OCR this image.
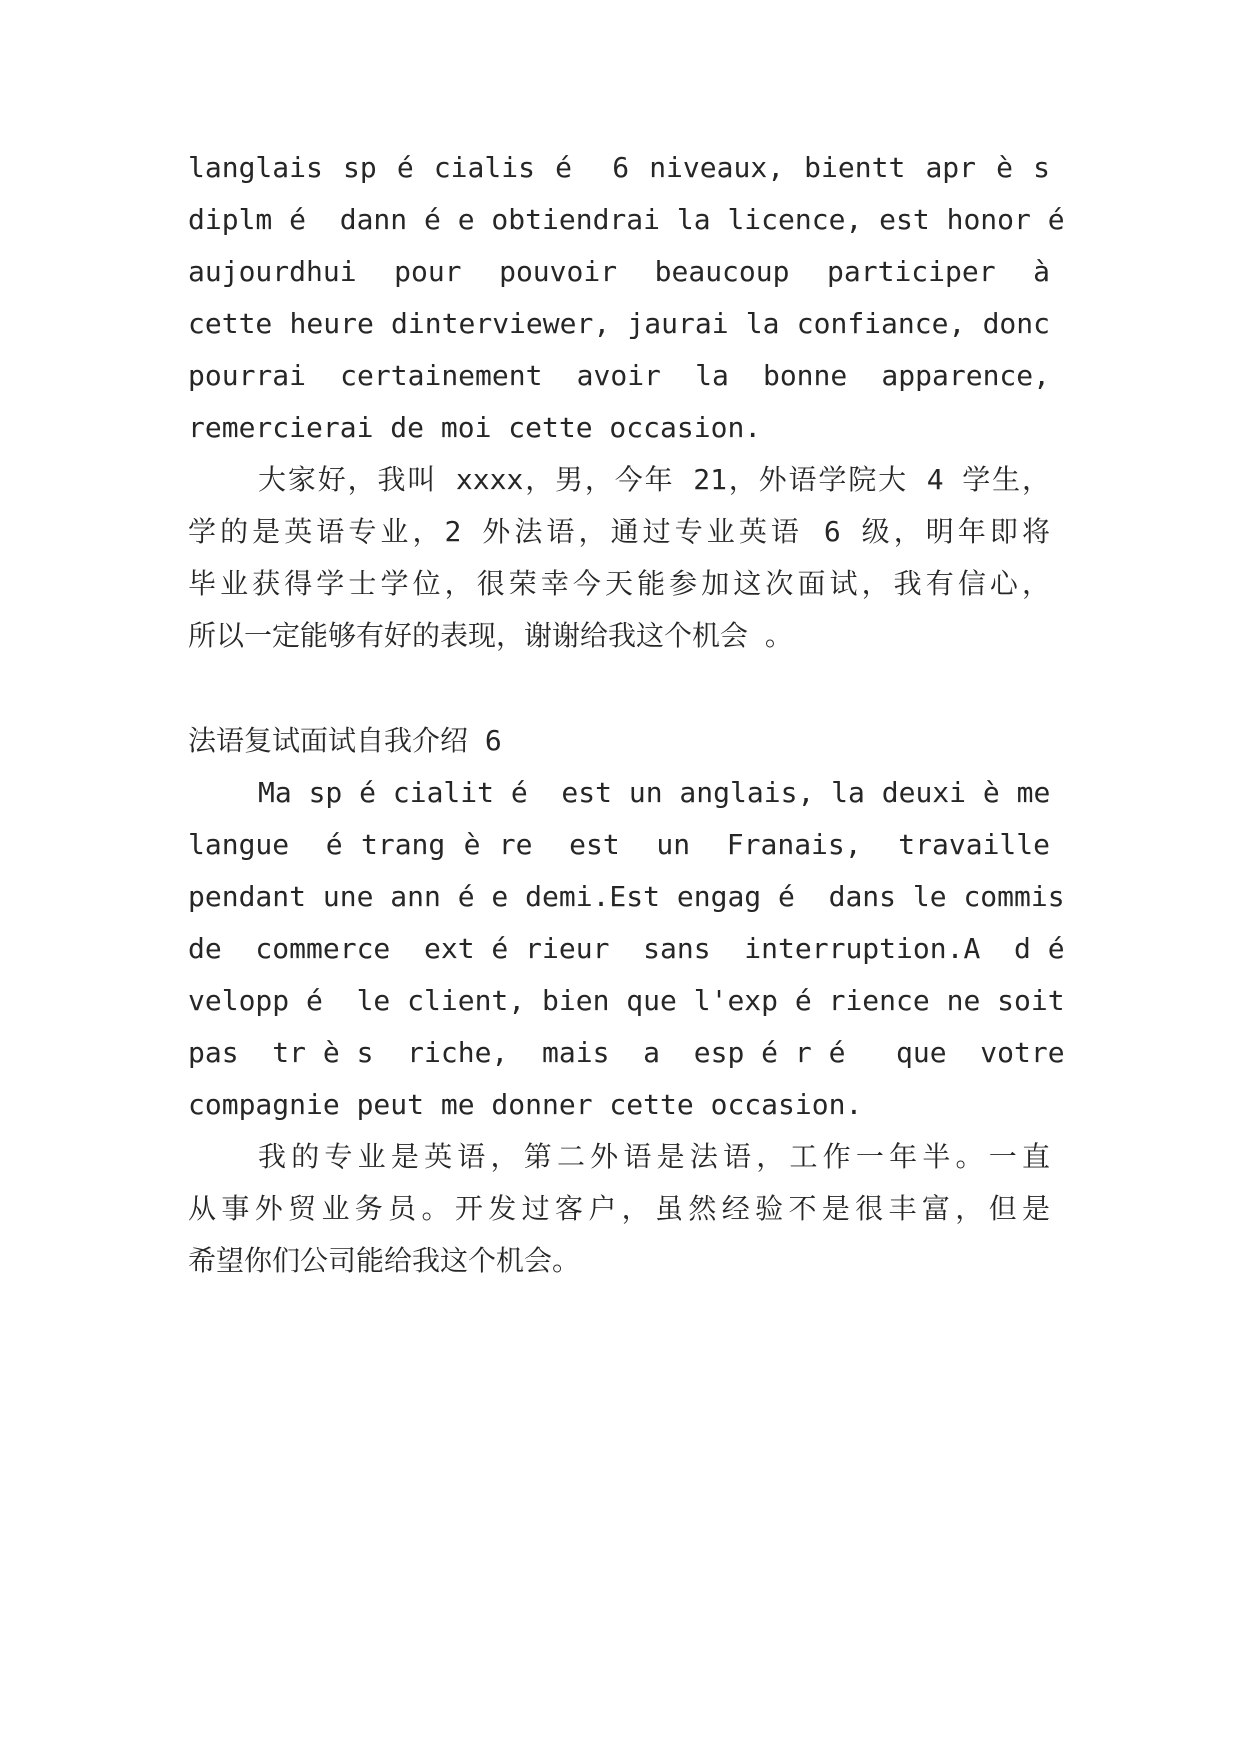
langlais sp é cialis é  6 niveaux, bientt apr è s
diplm é  dann é e obtiendrai la licence, est honor é
aujourdhui  pour  pouvoir  beaucoup  participer  à
cette heure dinterviewer, jaurai la confiance, donc
pourrai  certainement  avoir  la  bonne  apparence,
remercierai de moi cette occasion.
大家好，我叫 xxxx，男，今年 21，外语学院大 4 学生，
学的是英语专业，2 外法语，通过专业英语 6 级，明年即将
毕业获得学士学位，很荣幸今天能参加这次面试，我有信心，
所以一定能够有好的表现，谢谢给我这个机会 。
法语复试面试自我介绍 6
Ma sp é cialit é  est un anglais, la deuxi è me
langue  é trang è re  est  un  Franais,  travaille
pendant une ann é e demi.Est engag é  dans le commis
de  commerce  ext é rieur  sans  interruption.A  d é
velopp é  le client, bien que l'exp é rience ne soit
pas  tr è s  riche,  mais  a  esp é r é   que  votre
compagnie peut me donner cette occasion.
我的专业是英语，第二外语是法语，工作一年半。一直
从事外贸业务员。开发过客户，虽然经验不是很丰富，但是
希望你们公司能给我这个机会。
